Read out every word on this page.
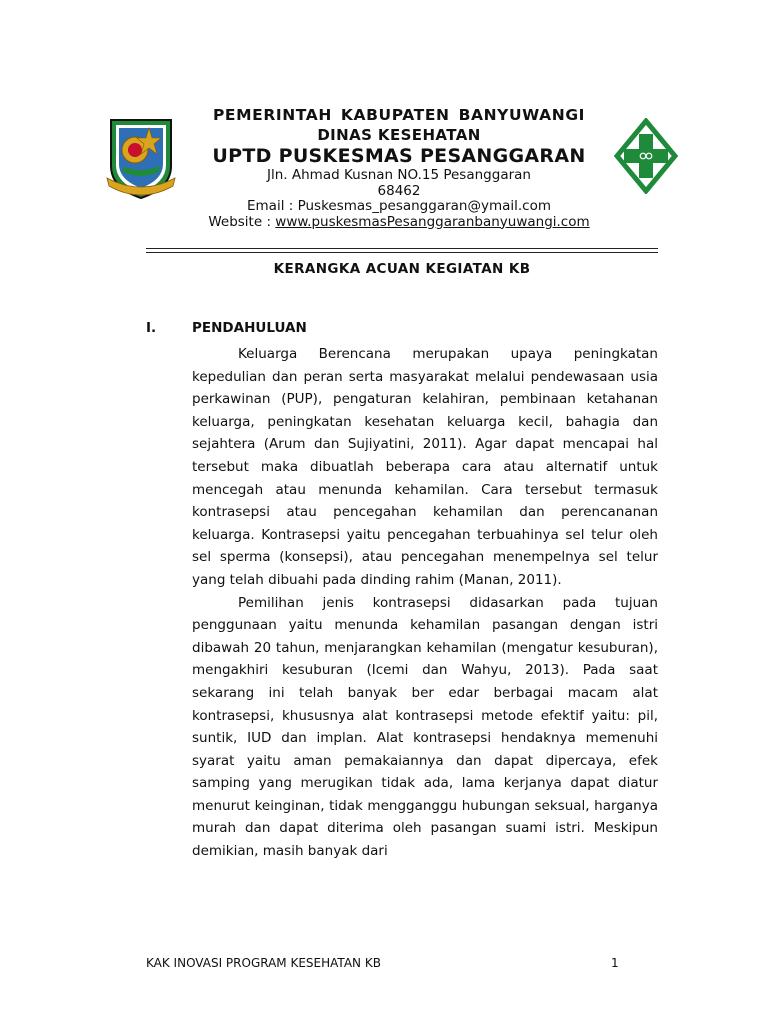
PEMERINTAH KABUPATEN BANYUWANGI
DINAS KESEHATAN
UPTD PUSKESMAS PESANGGARAN
Jln. Ahmad Kusnan NO.15 Pesanggaran
68462
Email : Puskesmas_pesanggaran@ymail.com
Website : www.puskesmasPesanggaranbanyuwangi.com
KERANGKA ACUAN KEGIATAN KB
I.	PENDAHULUAN

Keluarga Berencana merupakan upaya peningkatan kepedulian dan peran serta masyarakat melalui pendewasaan usia perkawinan (PUP), pengaturan kelahiran, pembinaan ketahanan keluarga, peningkatan kesehatan keluarga kecil, bahagia dan sejahtera (Arum dan Sujiyatini, 2011). Agar dapat mencapai hal tersebut maka dibuatlah beberapa cara atau alternatif untuk mencegah atau menunda kehamilan. Cara tersebut termasuk kontrasepsi atau pencegahan kehamilan dan perencananan keluarga. Kontrasepsi yaitu pencegahan terbuahinya sel telur oleh sel sperma (konsepsi), atau pencegahan menempelnya sel telur yang telah dibuahi pada dinding rahim (Manan, 2011).

Pemilihan jenis kontrasepsi didasarkan pada tujuan penggunaan yaitu menunda kehamilan pasangan dengan istri dibawah 20 tahun, menjarangkan kehamilan (mengatur kesuburan), mengakhiri kesuburan (Icemi dan Wahyu, 2013). Pada saat sekarang ini telah banyak ber edar berbagai macam alat kontrasepsi, khususnya alat kontrasepsi metode efektif yaitu: pil, suntik, IUD dan implan. Alat kontrasepsi hendaknya memenuhi syarat yaitu aman pemakaiannya dan dapat dipercaya, efek samping yang merugikan tidak ada, lama kerjanya dapat diatur menurut keinginan, tidak mengganggu hubungan seksual, harganya murah dan dapat diterima oleh pasangan suami istri. Meskipun demikian, masih banyak dari

KAK INOVASI PROGRAM KESEHATAN KB	1
